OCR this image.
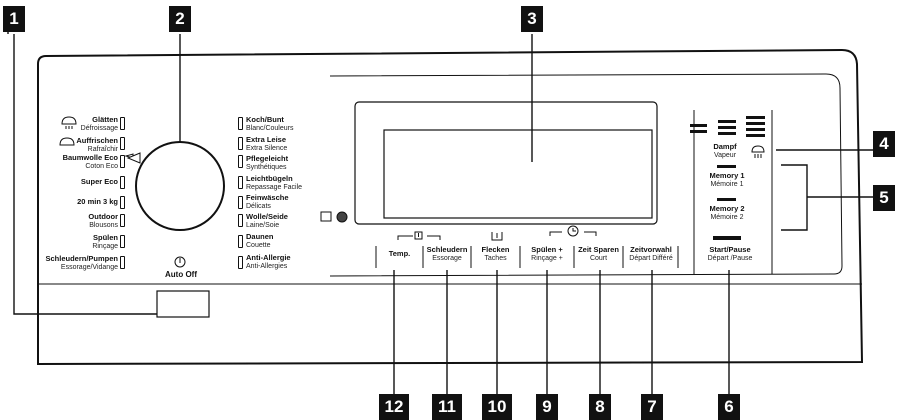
1	2	3
4
5
6
7
8
9
10
11
12
Glätten
Défroissage
Auffrischen
Rafraîchir
Baumwolle Eco
Coton Eco
Super Eco
20 min 3 kg
Outdoor
Blousons
Spülen
Rinçage
Schleudern/Pumpen
Essorage/Vidange
Koch/Bunt
Blanc/Couleurs
Extra Leise
Extra Silence
Pflegeleicht
Synthétiques
Leichtbügeln
Repassage Facile
Feinwäsche
Délicats
Wolle/Seide
Laine/Soie
Daunen
Couette
Anti-Allergie
Anti-Allergies
Auto Off
Temp.	Schleudern
Essorage
Flecken
Taches
Spülen +
Rinçage +
Zeit Sparen
Court
Zeitvorwahl
Départ Différé
Start/Pause
Départ /Pause
Dampf
Vapeur
Memory 1
Mémoire 1
Memory 2
Mémoire 2
